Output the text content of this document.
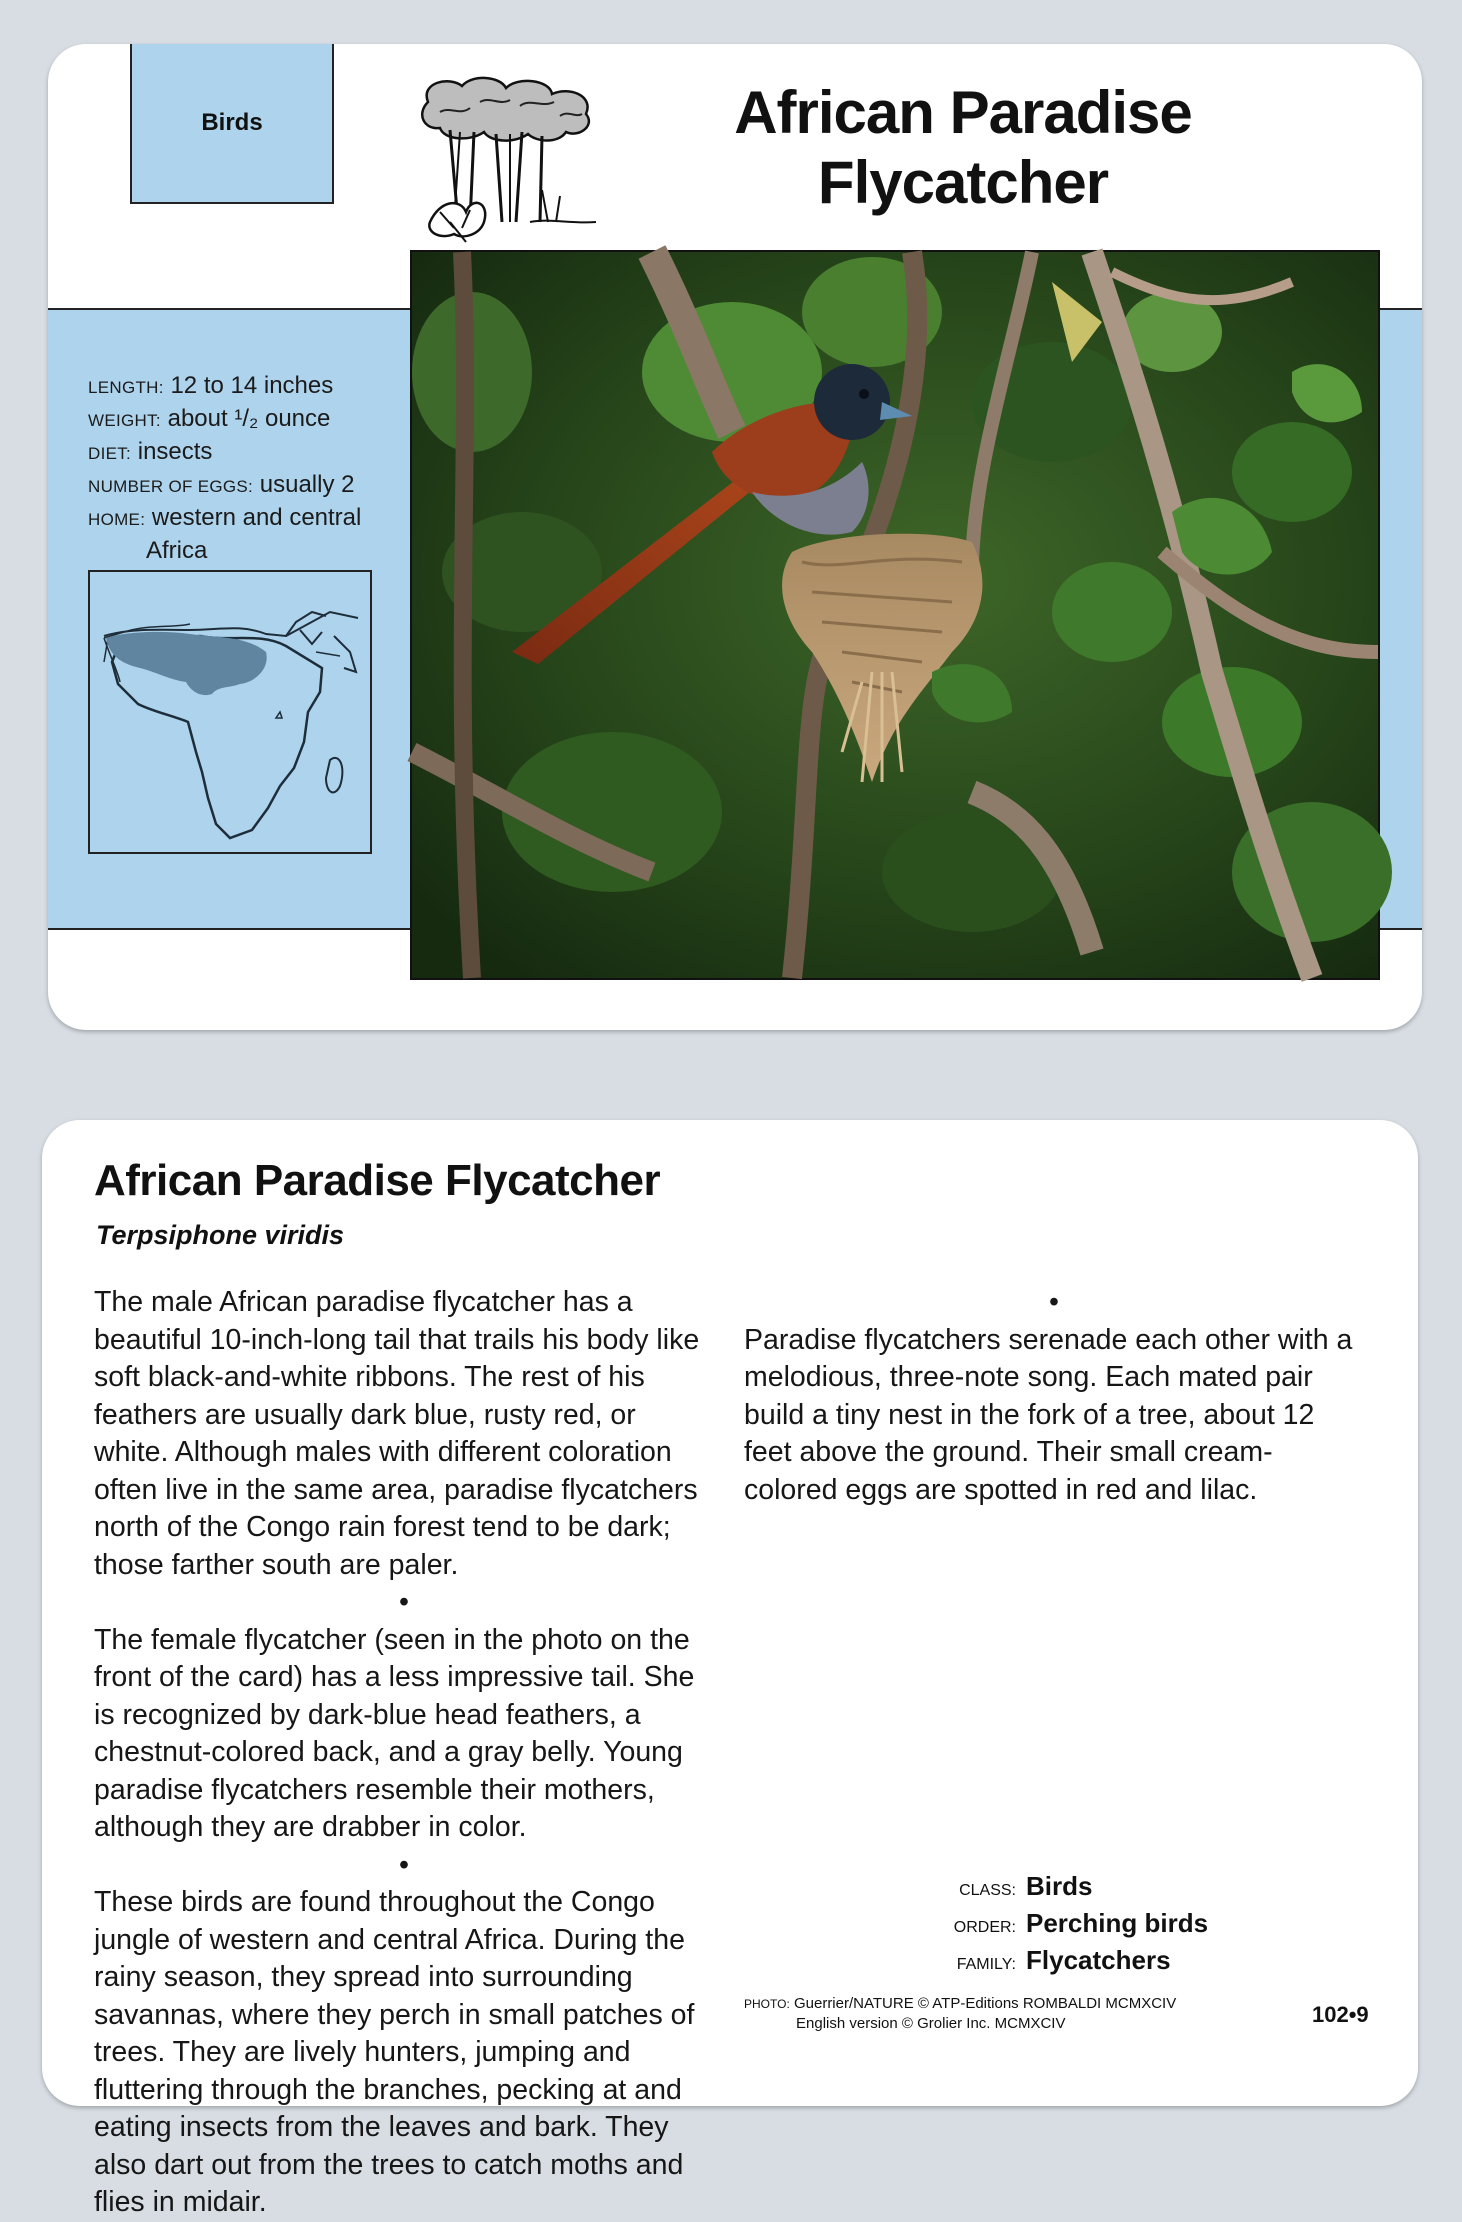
Birds	African Paradise
Flycatcher
LENGTH: 12 to 14 inches
WEIGHT: about ¹/₂ ounce
DIET: insects
NUMBER OF EGGS: usually 2
HOME: western and central
Africa
African Paradise Flycatcher
Terpsiphone viridis

The male African paradise flycatcher has a beautiful 10-inch-long tail that trails his body like soft black-and-white ribbons. The rest of his feathers are usually dark blue, rusty red, or white. Although males with different coloration often live in the same area, paradise flycatchers north of the Congo rain forest tend to be dark; those farther south are paler.

•

The female flycatcher (seen in the photo on the front of the card) has a less impressive tail. She is recognized by dark-blue head feathers, a chestnut-colored back, and a gray belly. Young paradise flycatchers resemble their mothers, although they are drabber in color.

•

These birds are found throughout the Congo jungle of western and central Africa. During the rainy season, they spread into surrounding savannas, where they perch in small patches of trees. They are lively hunters, jumping and fluttering through the branches, pecking at and eating insects from the leaves and bark. They also dart out from the trees to catch moths and flies in midair.

•

Paradise flycatchers serenade each other with a melodious, three-note song. Each mated pair build a tiny nest in the fork of a tree, about 12 feet above the ground. Their small cream-colored eggs are spotted in red and lilac.

CLASS: Birds
ORDER: Perching birds
FAMILY: Flycatchers
PHOTO: Guerrier/NATURE © ATP-Editions ROMBALDI MCMXCIV
English version © Grolier Inc. MCMXCIV	102•9
